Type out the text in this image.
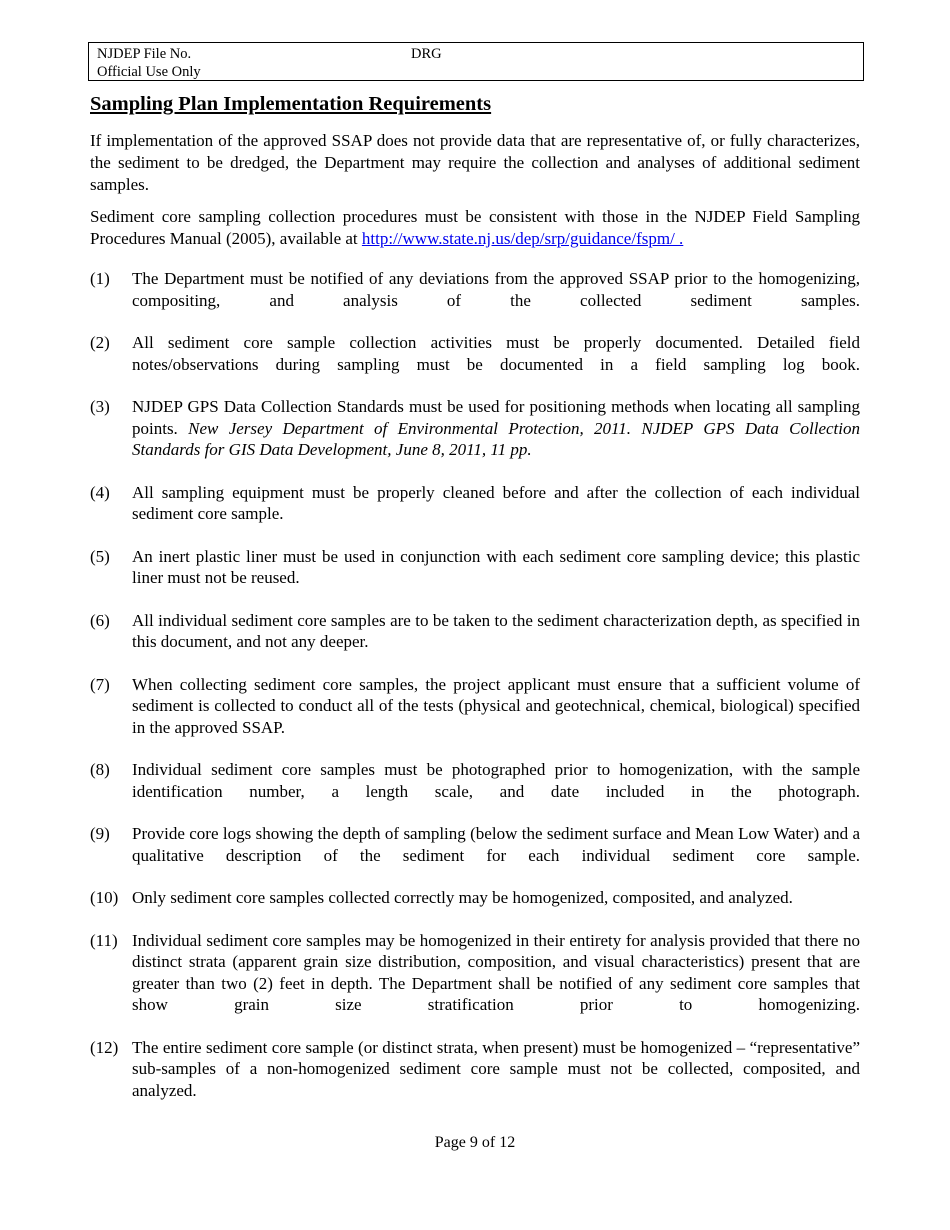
NJDEP File No.	DRG
Official Use Only
Sampling Plan Implementation Requirements

If implementation of the approved SSAP does not provide data that are representative of, or fully characterizes, the sediment to be dredged, the Department may require the collection and analyses of additional sediment samples.

Sediment core sampling collection procedures must be consistent with those in the NJDEP Field Sampling Procedures Manual (2005), available at http://www.state.nj.us/dep/srp/guidance/fspm/ .

(1)	The Department must be notified of any deviations from the approved SSAP prior to the homogenizing, compositing, and analysis of the collected sediment samples.
(2)	All sediment core sample collection activities must be properly documented. Detailed field notes/observations during sampling must be documented in a field sampling log book.
(3)	NJDEP GPS Data Collection Standards must be used for positioning methods when locating all sampling points. New Jersey Department of Environmental Protection, 2011. NJDEP GPS Data Collection Standards for GIS Data Development, June 8, 2011, 11 pp.
(4)	All sampling equipment must be properly cleaned before and after the collection of each individual sediment core sample.
(5)	An inert plastic liner must be used in conjunction with each sediment core sampling device; this plastic liner must not be reused.
(6)	All individual sediment core samples are to be taken to the sediment characterization depth, as specified in this document, and not any deeper.
(7)	When collecting sediment core samples, the project applicant must ensure that a sufficient volume of sediment is collected to conduct all of the tests (physical and geotechnical, chemical, biological) specified in the approved SSAP.
(8)	Individual sediment core samples must be photographed prior to homogenization, with the sample identification number, a length scale, and date included in the photograph.
(9)	Provide core logs showing the depth of sampling (below the sediment surface and Mean Low Water) and a qualitative description of the sediment for each individual sediment core sample.
(10) Only sediment core samples collected correctly may be homogenized, composited, and analyzed.
(11) Individual sediment core samples may be homogenized in their entirety for analysis provided that there no distinct strata (apparent grain size distribution, composition, and visual characteristics) present that are greater than two (2) feet in depth. The Department shall be notified of any sediment core samples that show grain size stratification prior to homogenizing.
(12) The entire sediment core sample (or distinct strata, when present) must be homogenized – “representative” sub-samples of a non-homogenized sediment core sample must not be collected, composited, and analyzed.
Page 9 of 12
